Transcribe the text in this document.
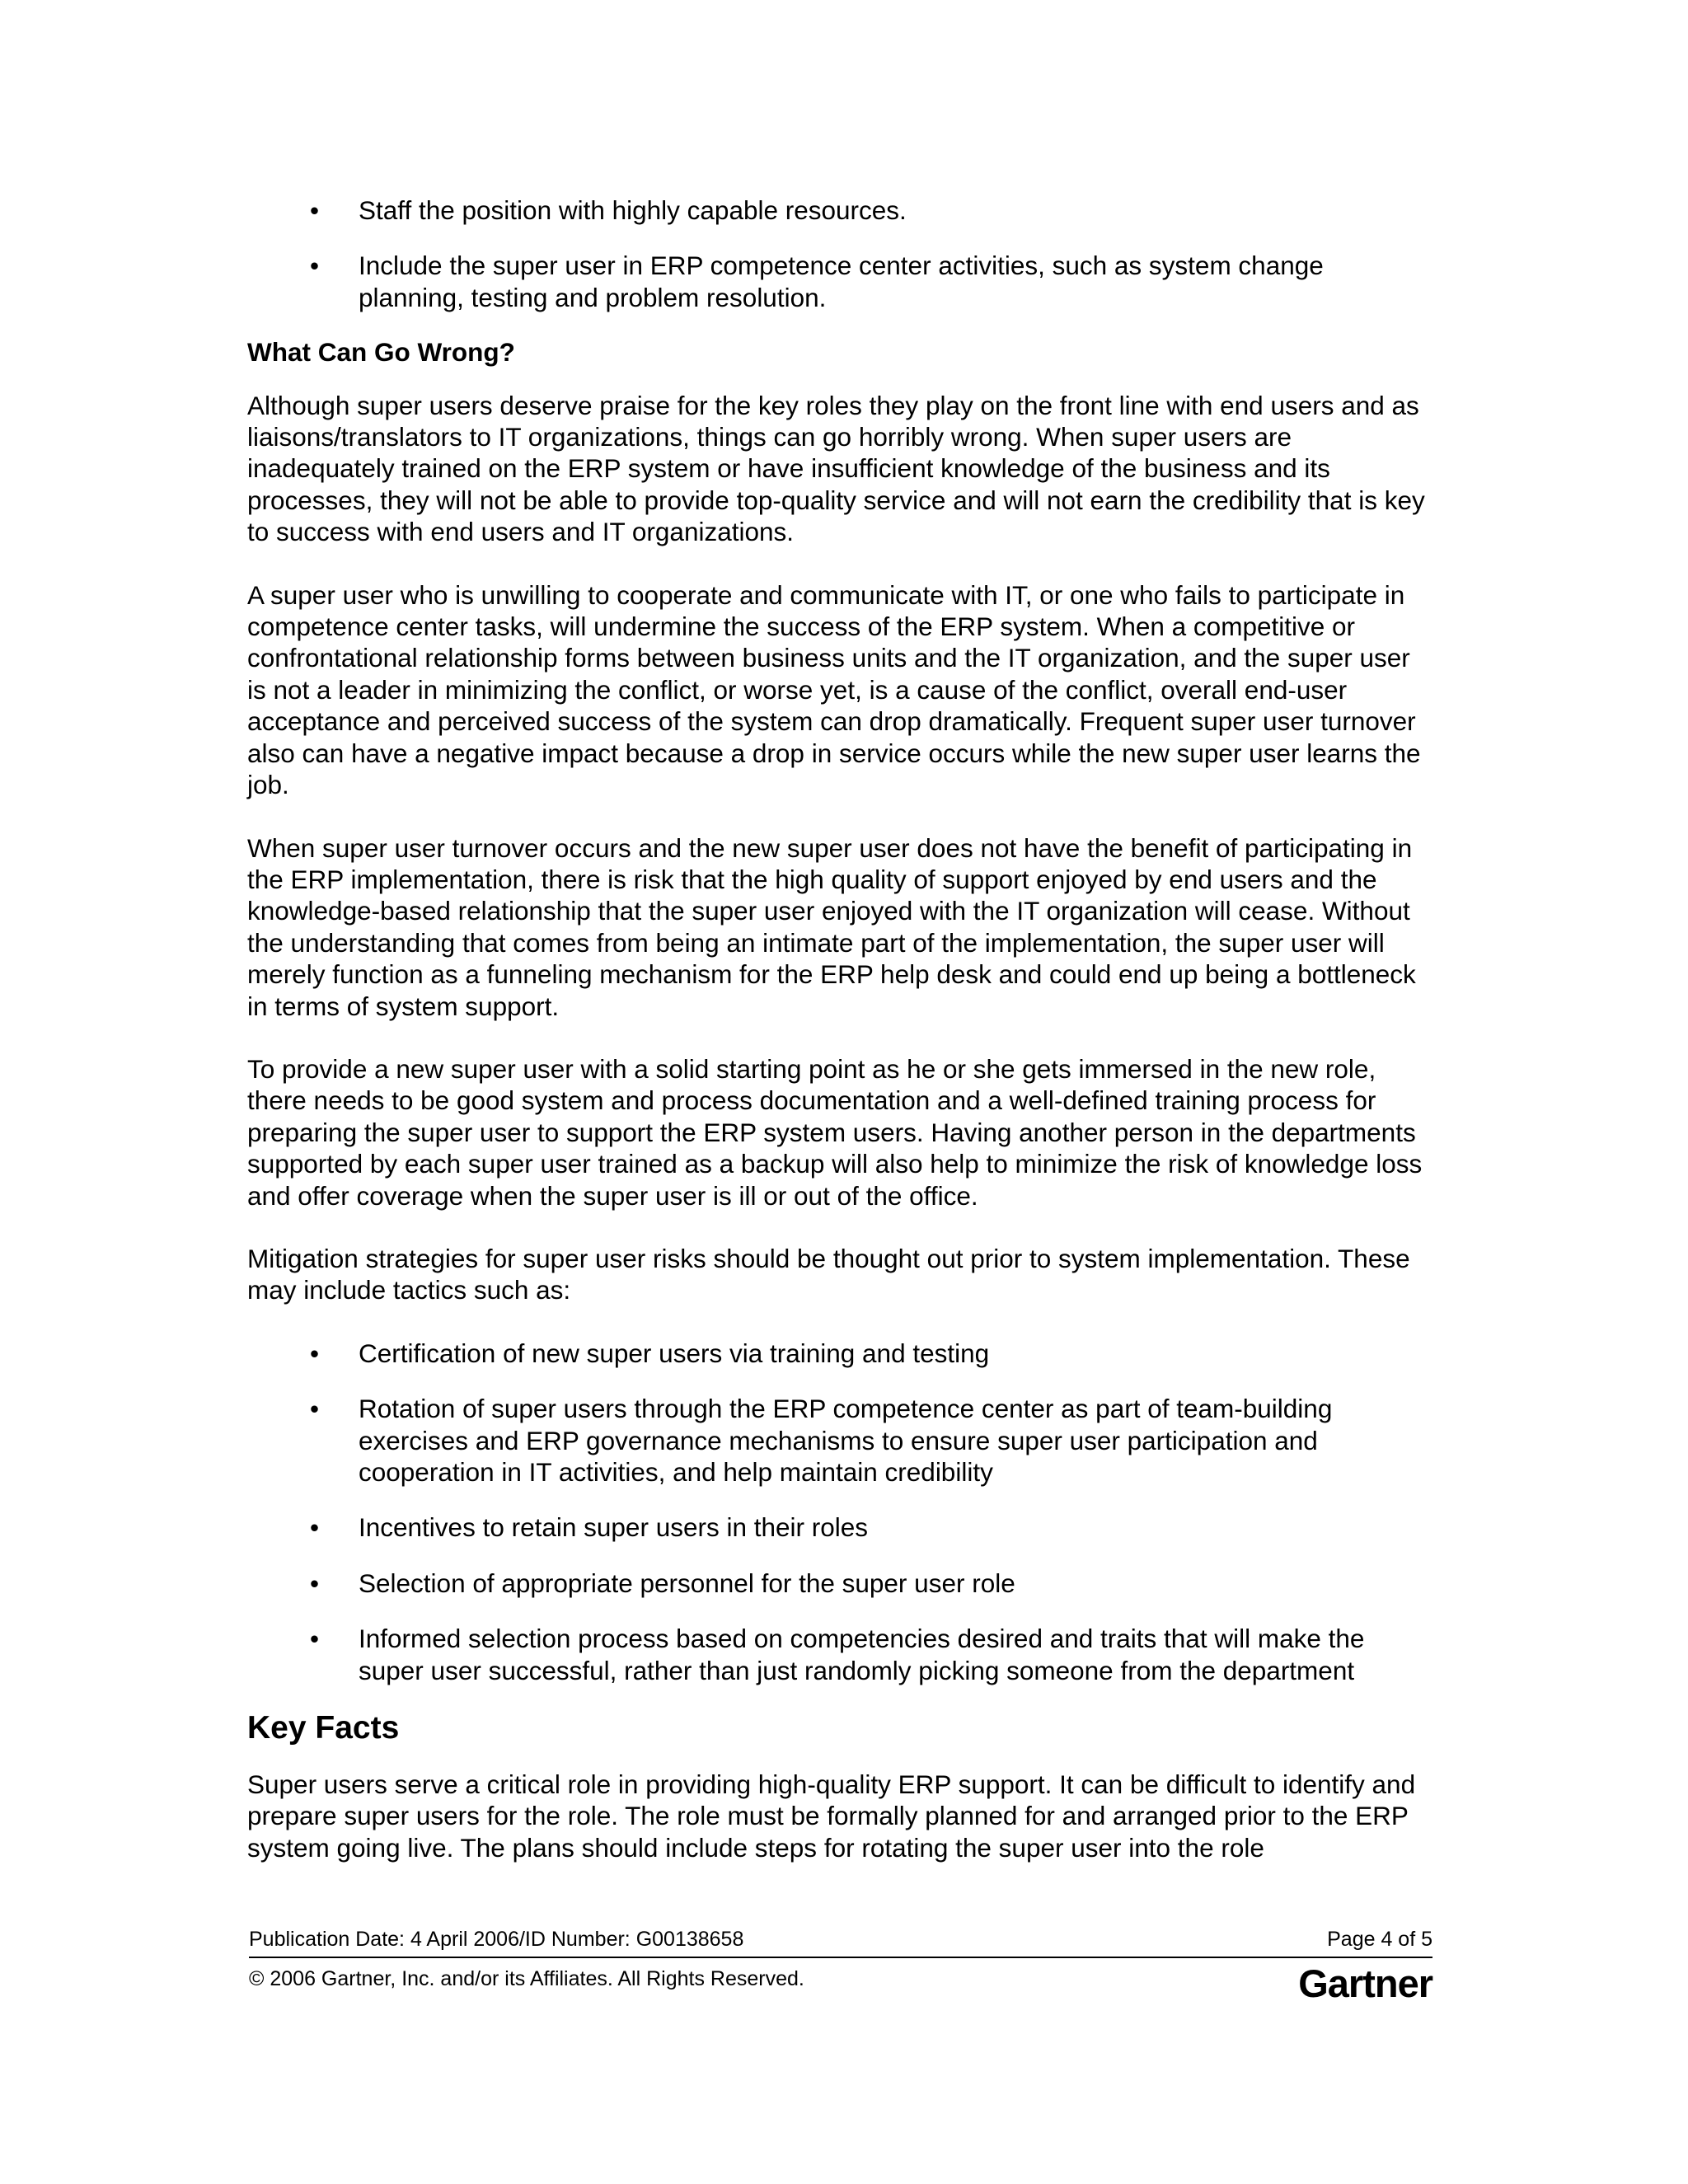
• Staff the position with highly capable resources.
• Include the super user in ERP competence center activities, such as system change planning, testing and problem resolution.
What Can Go Wrong?

Although super users deserve praise for the key roles they play on the front line with end users and as liaisons/translators to IT organizations, things can go horribly wrong. When super users are inadequately trained on the ERP system or have insufficient knowledge of the business and its processes, they will not be able to provide top-quality service and will not earn the credibility that is key to success with end users and IT organizations.

A super user who is unwilling to cooperate and communicate with IT, or one who fails to participate in competence center tasks, will undermine the success of the ERP system. When a competitive or confrontational relationship forms between business units and the IT organization, and the super user is not a leader in minimizing the conflict, or worse yet, is a cause of the conflict, overall end-user acceptance and perceived success of the system can drop dramatically. Frequent super user turnover also can have a negative impact because a drop in service occurs while the new super user learns the job.

When super user turnover occurs and the new super user does not have the benefit of participating in the ERP implementation, there is risk that the high quality of support enjoyed by end users and the knowledge-based relationship that the super user enjoyed with the IT organization will cease. Without the understanding that comes from being an intimate part of the implementation, the super user will merely function as a funneling mechanism for the ERP help desk and could end up being a bottleneck in terms of system support.

To provide a new super user with a solid starting point as he or she gets immersed in the new role, there needs to be good system and process documentation and a well-defined training process for preparing the super user to support the ERP system users. Having another person in the departments supported by each super user trained as a backup will also help to minimize the risk of knowledge loss and offer coverage when the super user is ill or out of the office.

Mitigation strategies for super user risks should be thought out prior to system implementation. These may include tactics such as:

• Certification of new super users via training and testing
• Rotation of super users through the ERP competence center as part of team-building exercises and ERP governance mechanisms to ensure super user participation and cooperation in IT activities, and help maintain credibility
• Incentives to retain super users in their roles
• Selection of appropriate personnel for the super user role
• Informed selection process based on competencies desired and traits that will make the super user successful, rather than just randomly picking someone from the department
Key Facts

Super users serve a critical role in providing high-quality ERP support. It can be difficult to identify and prepare super users for the role. The role must be formally planned for and arranged prior to the ERP system going live. The plans should include steps for rotating the super user into the role

Publication Date: 4 April 2006/ID Number: G00138658	Page 4 of 5
© 2006 Gartner, Inc. and/or its Affiliates. All Rights Reserved.	Gartner
